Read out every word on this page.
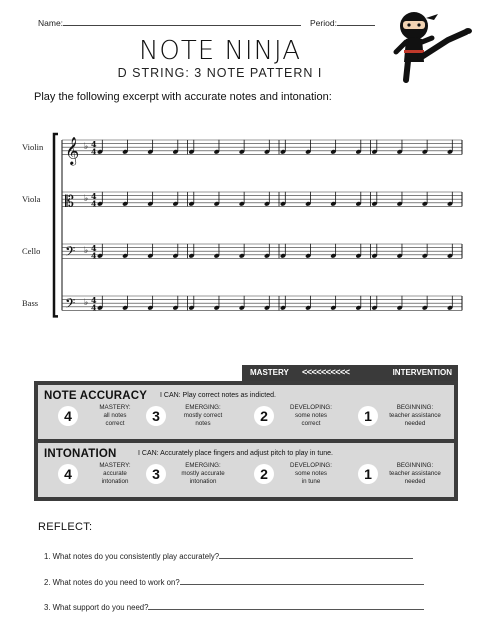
Name:	Period:
NOTE NINJA
D STRING: 3 NOTE PATTERN I
Play the following excerpt with accurate notes and intonation:
Violin 𝄞 ♭ 4
4
Viola 𝄡 ♭ 4
4
Cello 𝄢 ♭ 4
4
Bass 𝄢 ♭ 4
4
MASTERY <<<<<<<<<<	INTERVENTION
NOTE ACCURACY I CAN: Play correct notes as indicted.
4
MASTERY:
all notes
correct	3
EMERGING:
mostly correct
notes	2
DEVELOPING:
some notes
correct	1
BEGINNING:
teacher assistance
needed
INTONATION	I CAN: Accurately place fingers and adjust pitch to play in tune.
4
MASTERY:
accurate
intonation	3
EMERGING:
mostly accurate
intonation	2
DEVELOPING:
some notes
in tune	1
BEGINNING:
teacher assistance
needed
REFLECT:
1. What notes do you consistently play accurately?
2. What notes do you need to work on?
3. What support do you need?
